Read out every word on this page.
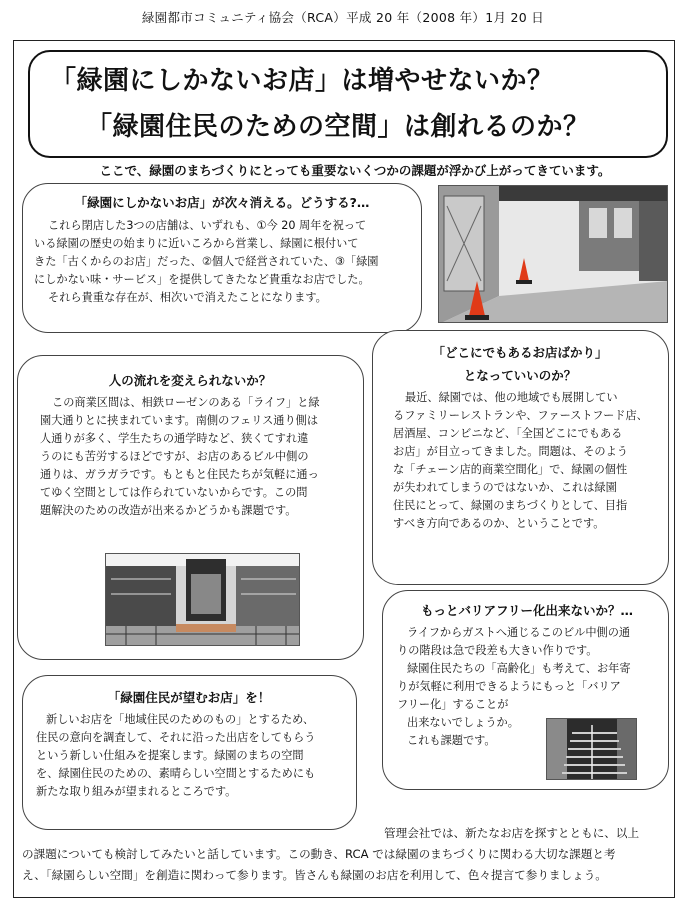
緑園都市コミュニティ協会（RCA）平成 20 年（2008 年）1月 20 日
「緑園にしかないお店」は増やせないか？
「緑園住民のための空間」は創れるのか？
ここで、緑園のまちづくりにとっても重要ないくつかの課題が浮かび上がってきています。
「緑園にしかないお店」が次々消える。どうする?…

これら閉店した3つの店舗は、いずれも、①今 20 周年を祝って

いる緑園の歴史の始まりに近いころから営業し、緑園に根付いて

きた「古くからのお店」だった、②個人で経営されていた、③「緑園

にしかない味・サービス」を提供してきたなど貴重なお店でした。

それら貴重な存在が、相次いで消えたことになります。

人の流れを変えられないか？

この商業区間は、相鉄ローゼンのある「ライフ」と緑

園大通りとに挟まれています。南側のフェリス通り側は

人通りが多く、学生たちの通学時など、狭くてすれ違

うのにも苦労するほどですが、お店のあるビル中側の

通りは、ガラガラです。もともと住民たちが気軽に通っ

てゆく空間としては作られていないからです。この問

題解決のための改造が出来るかどうかも課題です。

「どこにでもあるお店ばかり」
となっていいのか？

最近、緑園では、他の地域でも展開してい

るファミリーレストランや、ファーストフード店、

居酒屋、コンビニなど、「全国どこにでもある

お店」が目立ってきました。問題は、そのよう

な「チェーン店的商業空間化」で、緑園の個性

が失われてしまうのではないか、これは緑園

住民にとって、緑園のまちづくりとして、目指

すべき方向であるのか、ということです。

もっとバリアフリー化出来ないか？…

ライフからガストへ通じるこのビル中側の通

りの階段は急で段差も大きい作りです。

緑園住民たちの「高齢化」も考えて、お年寄

りが気軽に利用できるようにもっと「バリア

フリー化」することが

出来ないでしょうか。

これも課題です。

「緑園住民が望むお店」を！

新しいお店を「地域住民のためのもの」とするため、

住民の意向を調査して、それに沿った出店をしてもらう

という新しい仕組みを提案します。緑園のまちの空間

を、緑園住民のための、素晴らしい空間とするためにも

新たな取り組みが望まれるところです。

管理会社では、新たなお店を探すとともに、以上

の課題についても検討してみたいと話しています。この動き、RCA では緑園のまちづくりに関わる大切な課題と考

え、「緑園らしい空間」を創造に関わって参ります。皆さんも緑園のお店を利用して、色々提言て参りましょう。
